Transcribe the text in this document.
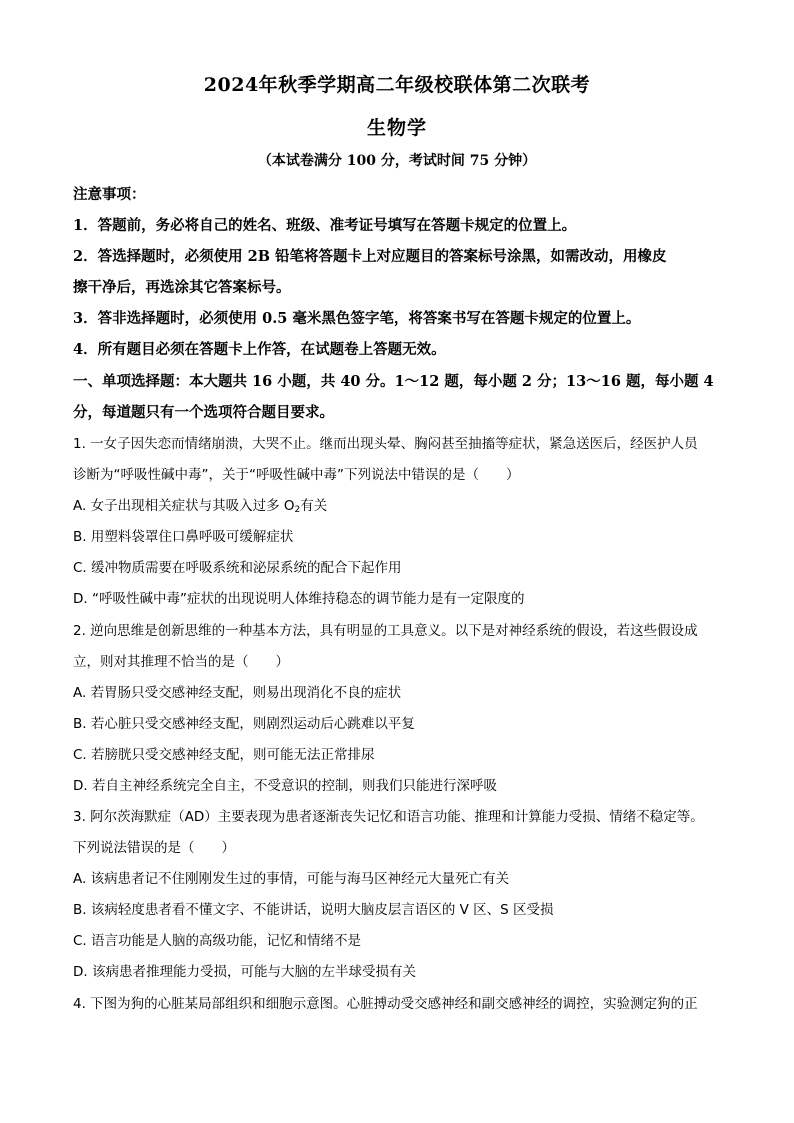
2024年秋季学期高二年级校联体第二次联考
生物学
（本试卷满分 100 分，考试时间 75 分钟）
注意事项：
1．答题前，务必将自己的姓名、班级、准考证号填写在答题卡规定的位置上。
2．答选择题时，必须使用 2B 铅笔将答题卡上对应题目的答案标号涂黑，如需改动，用橡皮
擦干净后，再选涂其它答案标号。
3．答非选择题时，必须使用 0.5 毫米黑色签字笔，将答案书写在答题卡规定的位置上。
4．所有题目必须在答题卡上作答，在试题卷上答题无效。
一、单项选择题：本大题共 16 小题，共 40 分。1～12 题，每小题 2 分；13～16 题，每小题 4
分，每道题只有一个选项符合题目要求。
1. 一女子因失恋而情绪崩溃，大哭不止。继而出现头晕、胸闷甚至抽搐等症状，紧急送医后，经医护人员
诊断为“呼吸性碱中毒”，关于“呼吸性碱中毒”下列说法中错误的是（　　）
A. 女子出现相关症状与其吸入过多 $O_2$有关
B. 用塑料袋罩住口鼻呼吸可缓解症状
C. 缓冲物质需要在呼吸系统和泌尿系统的配合下起作用
D. “呼吸性碱中毒”症状的出现说明人体维持稳态的调节能力是有一定限度的
2. 逆向思维是创新思维的一种基本方法，具有明显的工具意义。以下是对神经系统的假设，若这些假设成
立，则对其推理不恰当的是（　　）
A. 若胃肠只受交感神经支配，则易出现消化不良的症状
B. 若心脏只受交感神经支配，则剧烈运动后心跳难以平复
C. 若膀胱只受交感神经支配，则可能无法正常排尿
D. 若自主神经系统完全自主，不受意识的控制，则我们只能进行深呼吸
3. 阿尔茨海默症（AD）主要表现为患者逐渐丧失记忆和语言功能、推理和计算能力受损、情绪不稳定等。
下列说法错误的是（　　）
A. 该病患者记不住刚刚发生过的事情，可能与海马区神经元大量死亡有关
B. 该病轻度患者看不懂文字、不能讲话，说明大脑皮层言语区的 V 区、S 区受损
C. 语言功能是人脑的高级功能，记忆和情绪不是
D. 该病患者推理能力受损，可能与大脑的左半球受损有关
4. 下图为狗的心脏某局部组织和细胞示意图。心脏搏动受交感神经和副交感神经的调控，实验测定狗的正
